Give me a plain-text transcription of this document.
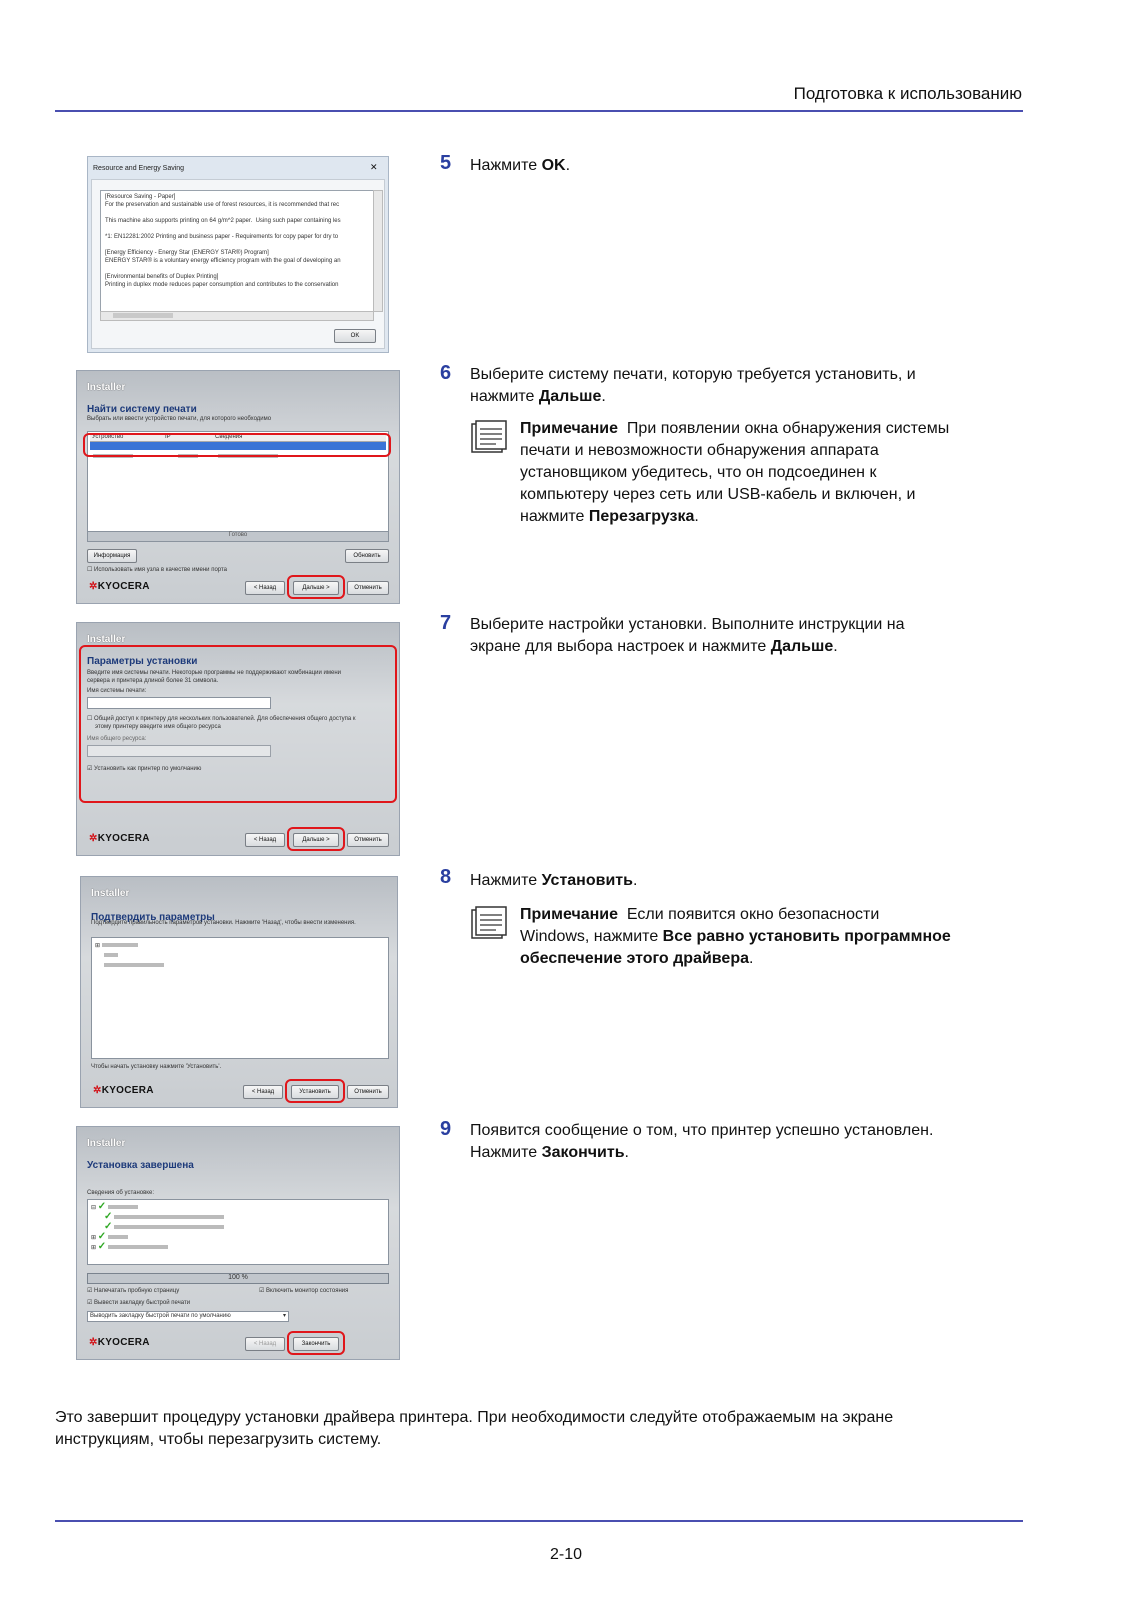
Подготовка к использованию
Resource and Energy Saving	✕
[Resource Saving - Paper]
For the preservation and sustainable use of forest resources, it is recommended that rec

This machine also supports printing on 64 g/m^2 paper.  Using such paper containing les

*1: EN12281:2002 Printing and business paper - Requirements for copy paper for dry to

[Energy Efficiency - Energy Star (ENERGY STAR®) Program]
ENERGY STAR® is a voluntary energy efficiency program with the goal of developing an

[Environmental benefits of Duplex Printing]
Printing in duplex mode reduces paper consumption and contributes to the conservation
OK
5	Нажмите OK.
Installer
Найти систему печати
Выбрать или ввести устройство печати, для которого необходимо
Устройство	IP	Сведения
Готово
Информация	Обновить
☐ Использовать имя узла в качестве имени порта
✲KYOCERA	< Назад	Дальше >	Отменить
6	Выберите систему печати, которую требуется установить, и
нажмите Дальше.
Примечание При появлении окна обнаружения системы
печати и невозможности обнаружения аппарата
установщиком убедитесь, что он подсоединен к
компьютеру через сеть или USB-кабель и включен, и
нажмите Перезагрузка.
Installer
Параметры установки
Введите имя системы печати. Некоторые программы не поддерживают комбинации имени
сервера и принтера длиной более 31 символа.
Имя системы печати:
☐ Общий доступ к принтеру для нескольких пользователей. Для обеспечения общего доступа к
этому принтеру введите имя общего ресурса
Имя общего ресурса:
☑ Установить как принтер по умолчанию
✲KYOCERA	< Назад	Дальше >	Отменить
7	Выберите настройки установки. Выполните инструкции на
экране для выбора настроек и нажмите Дальше.
Installer
Подтвердить параметры
Подтвердите правильность параметров установки. Нажмите 'Назад', чтобы внести изменения.
⊞
Чтобы начать установку нажмите 'Установить'.
✲KYOCERA	< Назад	Установить	Отменить
8	Нажмите Установить.
Примечание Если появится окно безопасности
Windows, нажмите Все равно установить программное
обеспечение этого драйвера.
Installer
Установка завершена
Сведения об установке:
⊟ ✓
✓
✓
⊞ ✓
⊞ ✓
100 %
☑ Напечатать пробную страницу	☑ Включить монитор состояния
☑ Вывести закладку быстрой печати
Выводить закладку быстрой печати по умолчанию	▾
✲KYOCERA	< Назад	Закончить
9	Появится сообщение о том, что принтер успешно установлен.
Нажмите Закончить.
Это завершит процедуру установки драйвера принтера. При необходимости следуйте отображаемым на экране
инструкциям, чтобы перезагрузить систему.
2-10
